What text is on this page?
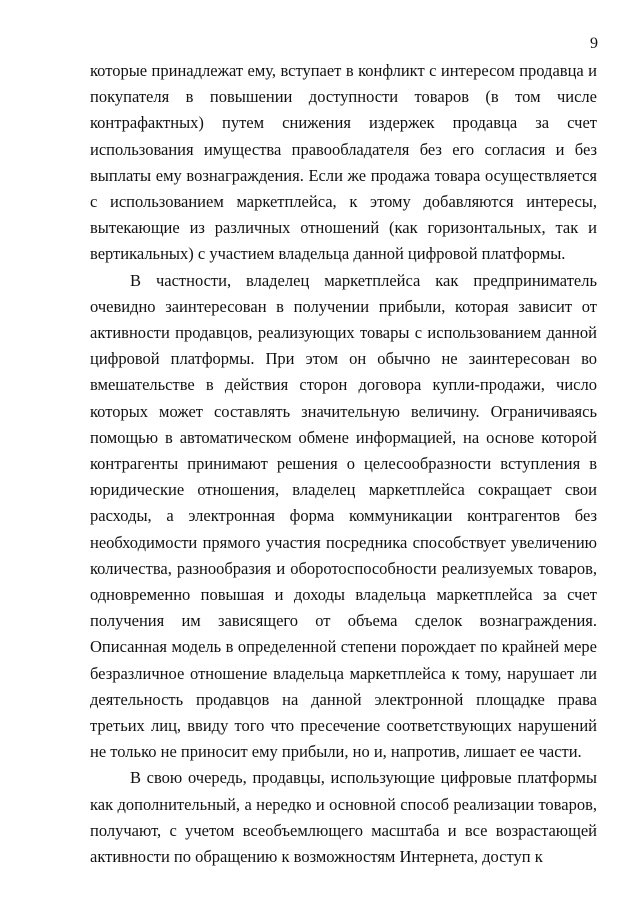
9

которые принадлежат ему, вступает в конфликт с интересом продавца и покупателя в повышении доступности товаров (в том числе контрафактных) путем снижения издержек продавца за счет использования имущества правообладателя без его согласия и без выплаты ему вознаграждения. Если же продажа товара осуществляется с использованием маркетплейса, к этому добавляются интересы, вытекающие из различных отношений (как горизонтальных, так и вертикальных) с участием владельца данной цифровой платформы.

В частности, владелец маркетплейса как предприниматель очевидно заинтересован в получении прибыли, которая зависит от активности продавцов, реализующих товары с использованием данной цифровой платформы. При этом он обычно не заинтересован во вмешательстве в действия сторон договора купли-продажи, число которых может составлять значительную величину. Ограничиваясь помощью в автоматическом обмене информацией, на основе которой контрагенты принимают решения о целесообразности вступления в юридические отношения, владелец маркетплейса сокращает свои расходы, а электронная форма коммуникации контрагентов без необходимости прямого участия посредника способствует увеличению количества, разнообразия и оборотоспособности реализуемых товаров, одновременно повышая и доходы владельца маркетплейса за счет получения им зависящего от объема сделок вознаграждения. Описанная модель в определенной степени порождает по крайней мере безразличное отношение владельца маркетплейса к тому, нарушает ли деятельность продавцов на данной электронной площадке права третьих лиц, ввиду того что пресечение соответствующих нарушений не только не приносит ему прибыли, но и, напротив, лишает ее части.

В свою очередь, продавцы, использующие цифровые платформы как дополнительный, а нередко и основной способ реализации товаров, получают, с учетом всеобъемлющего масштаба и все возрастающей активности по обращению к возможностям Интернета, доступ к
